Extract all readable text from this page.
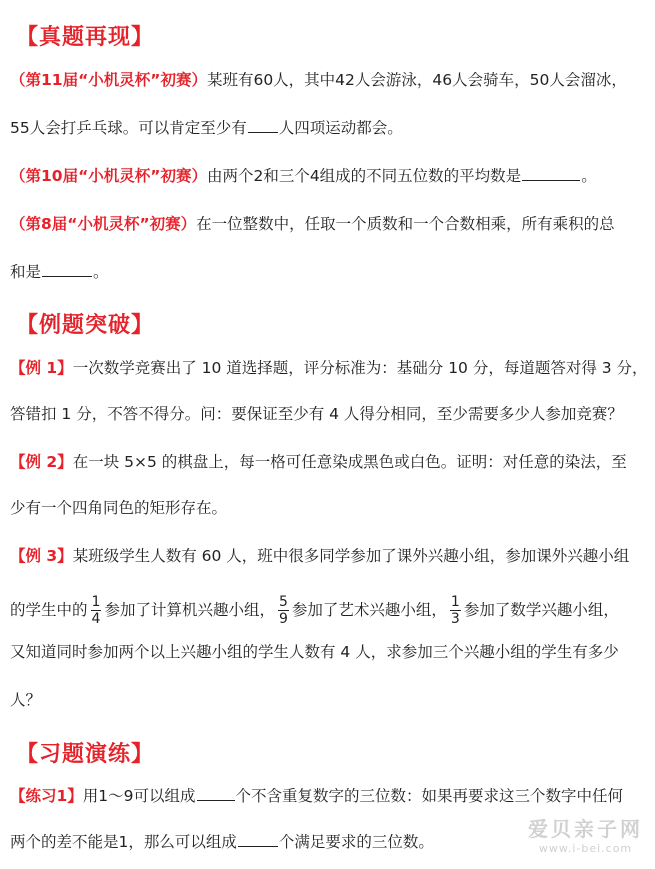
【真题再现】
（第11届“小机灵杯”初赛）某班有60人，其中42人会游泳，46人会骑车，50人会溜冰，
55人会打乒乓球。可以肯定至少有 人四项运动都会。
（第10届“小机灵杯”初赛）由两个2和三个4组成的不同五位数的平均数是	。
（第8届“小机灵杯”初赛）在一位整数中，任取一个质数和一个合数相乘，所有乘积的总
和是	。
【例题突破】
【例 1】一次数学竞赛出了 10 道选择题，评分标准为：基础分 10 分，每道题答对得 3 分，
答错扣 1 分，不答不得分。问：要保证至少有 4 人得分相同，至少需要多少人参加竞赛？
【例 2】在一块 5×5 的棋盘上，每一格可任意染成黑色或白色。证明：对任意的染法，至
少有一个四角同色的矩形存在。
【例 3】某班级学生人数有 60 人，班中很多同学参加了课外兴趣小组，参加课外兴趣小组
的学生中的 $\frac{1}{4}$ 参加了计算机兴趣小组， $\frac{5}{9}$ 参加了艺术兴趣小组， $\frac{1}{3}$ 参加了数学兴趣小组，
又知道同时参加两个以上兴趣小组的学生人数有 4 人，求参加三个兴趣小组的学生有多少
人？
【习题演练】
【练习1】用1～9可以组成	个不含重复数字的三位数：如果再要求这三个数字中任何
两个的差不能是1，那么可以组成	个满足要求的三位数。
爱贝亲子网
www.i-bei.com
